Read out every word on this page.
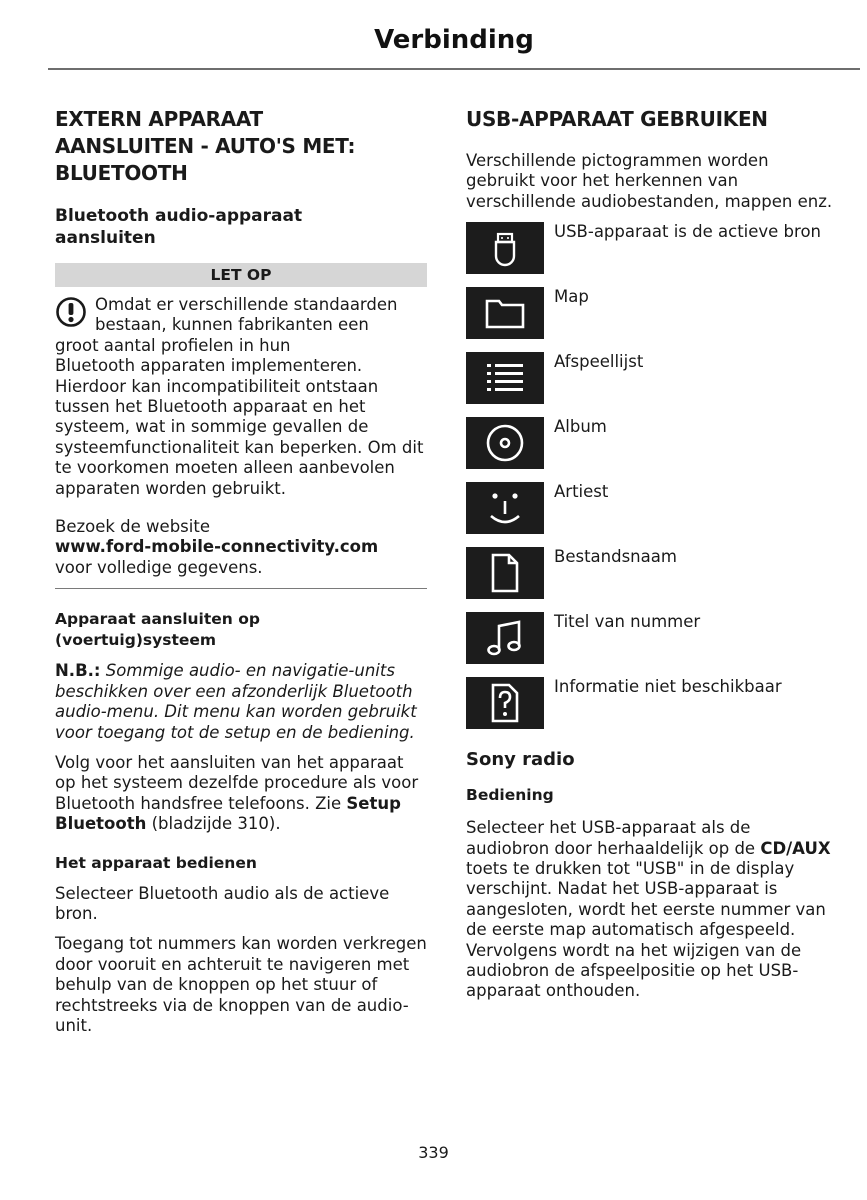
Verbinding
EXTERN APPARAAT
AANSLUITEN - AUTO'S MET:
BLUETOOTH
Bluetooth audio-apparaat
aansluiten
LET OP
Omdat er verschillende standaarden
bestaan, kunnen fabrikanten een
groot aantal profielen in hun

Bluetooth apparaten implementeren. Hierdoor kan incompatibiliteit ontstaan tussen het Bluetooth apparaat en het systeem, wat in sommige gevallen de systeemfunctionaliteit kan beperken. Om dit te voorkomen moeten alleen aanbevolen apparaten worden gebruikt.

Bezoek de website
www.ford-mobile-connectivity.com
voor volledige gegevens.

Apparaat aansluiten op
(voertuig)systeem

N.B.: Sommige audio- en navigatie-units beschikken over een afzonderlijk Bluetooth audio-menu. Dit menu kan worden gebruikt voor toegang tot de setup en de bediening.

Volg voor het aansluiten van het apparaat op het systeem dezelfde procedure als voor Bluetooth handsfree telefoons. Zie Setup Bluetooth (bladzijde 310).

Het apparaat bedienen

Selecteer Bluetooth audio als de actieve bron.

Toegang tot nummers kan worden verkregen door vooruit en achteruit te navigeren met behulp van de knoppen op het stuur of rechtstreeks via de knoppen van de audio-unit.

USB-APPARAAT GEBRUIKEN

Verschillende pictogrammen worden gebruikt voor het herkennen van verschillende audiobestanden, mappen enz.

USB-apparaat is de actieve bron
Map
Afspeellijst
Album
Artiest
Bestandsnaam
Titel van nummer
Informatie niet beschikbaar
Sony radio
Bediening

Selecteer het USB-apparaat als de audiobron door herhaaldelijk op de CD/AUX toets te drukken tot "USB" in de display verschijnt. Nadat het USB-apparaat is aangesloten, wordt het eerste nummer van de eerste map automatisch afgespeeld. Vervolgens wordt na het wijzigen van de audiobron de afspeelpositie op het USB-apparaat onthouden.

339
